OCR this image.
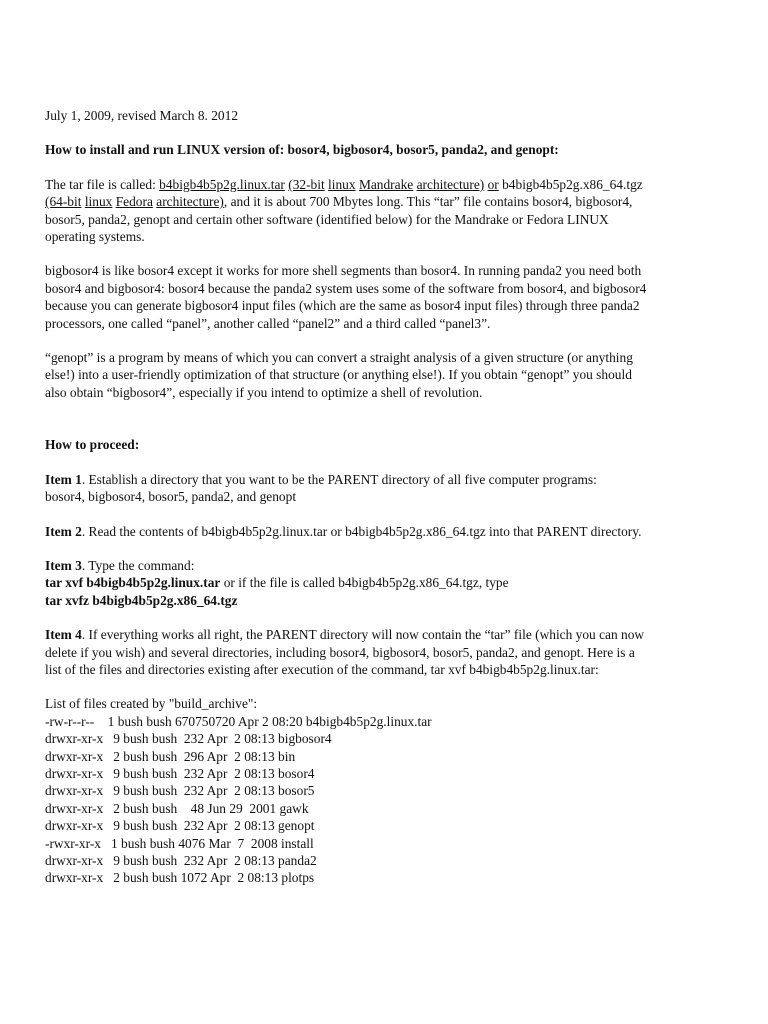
July 1, 2009, revised March 8. 2012

How to install and run LINUX version of: bosor4, bigbosor4, bosor5, panda2, and genopt:

The tar file is called: b4bigb4b5p2g.linux.tar (32-bit linux Mandrake architecture) or b4bigb4b5p2g.x86_64.tgz

(64-bit linux Fedora architecture), and it is about 700 Mbytes long. This “tar” file contains bosor4, bigbosor4,

bosor5, panda2, genopt and certain other software (identified below) for the Mandrake or Fedora LINUX

operating systems.

bigbosor4 is like bosor4 except it works for more shell segments than bosor4. In running panda2 you need both

bosor4 and bigbosor4: bosor4 because the panda2 system uses some of the software from bosor4, and bigbosor4

because you can generate bigbosor4 input files (which are the same as bosor4 input files) through three panda2

processors, one called “panel”, another called “panel2” and a third called “panel3”.

“genopt” is a program by means of which you can convert a straight analysis of a given structure (or anything

else!) into a user-friendly optimization of that structure (or anything else!). If you obtain “genopt” you should

also obtain “bigbosor4”, especially if you intend to optimize a shell of revolution.

How to proceed:

Item 1. Establish a directory that you want to be the PARENT directory of all five computer programs:

bosor4, bigbosor4, bosor5, panda2, and genopt

Item 2. Read the contents of b4bigb4b5p2g.linux.tar or b4bigb4b5p2g.x86_64.tgz into that PARENT directory.

Item 3. Type the command:

tar xvf b4bigb4b5p2g.linux.tar or if the file is called b4bigb4b5p2g.x86_64.tgz, type

tar xvfz b4bigb4b5p2g.x86_64.tgz

Item 4. If everything works all right, the PARENT directory will now contain the “tar” file (which you can now

delete if you wish) and several directories, including bosor4, bigbosor4, bosor5, panda2, and genopt. Here is a

list of the files and directories existing after execution of the command, tar xvf b4bigb4b5p2g.linux.tar:

List of files created by "build_archive":

-rw-r--r--    1 bush bush 670750720 Apr 2 08:20 b4bigb4b5p2g.linux.tar

drwxr-xr-x   9 bush bush  232 Apr  2 08:13 bigbosor4

drwxr-xr-x   2 bush bush  296 Apr  2 08:13 bin

drwxr-xr-x   9 bush bush  232 Apr  2 08:13 bosor4

drwxr-xr-x   9 bush bush  232 Apr  2 08:13 bosor5

drwxr-xr-x   2 bush bush    48 Jun 29  2001 gawk

drwxr-xr-x   9 bush bush  232 Apr  2 08:13 genopt

-rwxr-xr-x   1 bush bush 4076 Mar  7  2008 install

drwxr-xr-x   9 bush bush  232 Apr  2 08:13 panda2

drwxr-xr-x   2 bush bush 1072 Apr  2 08:13 plotps
